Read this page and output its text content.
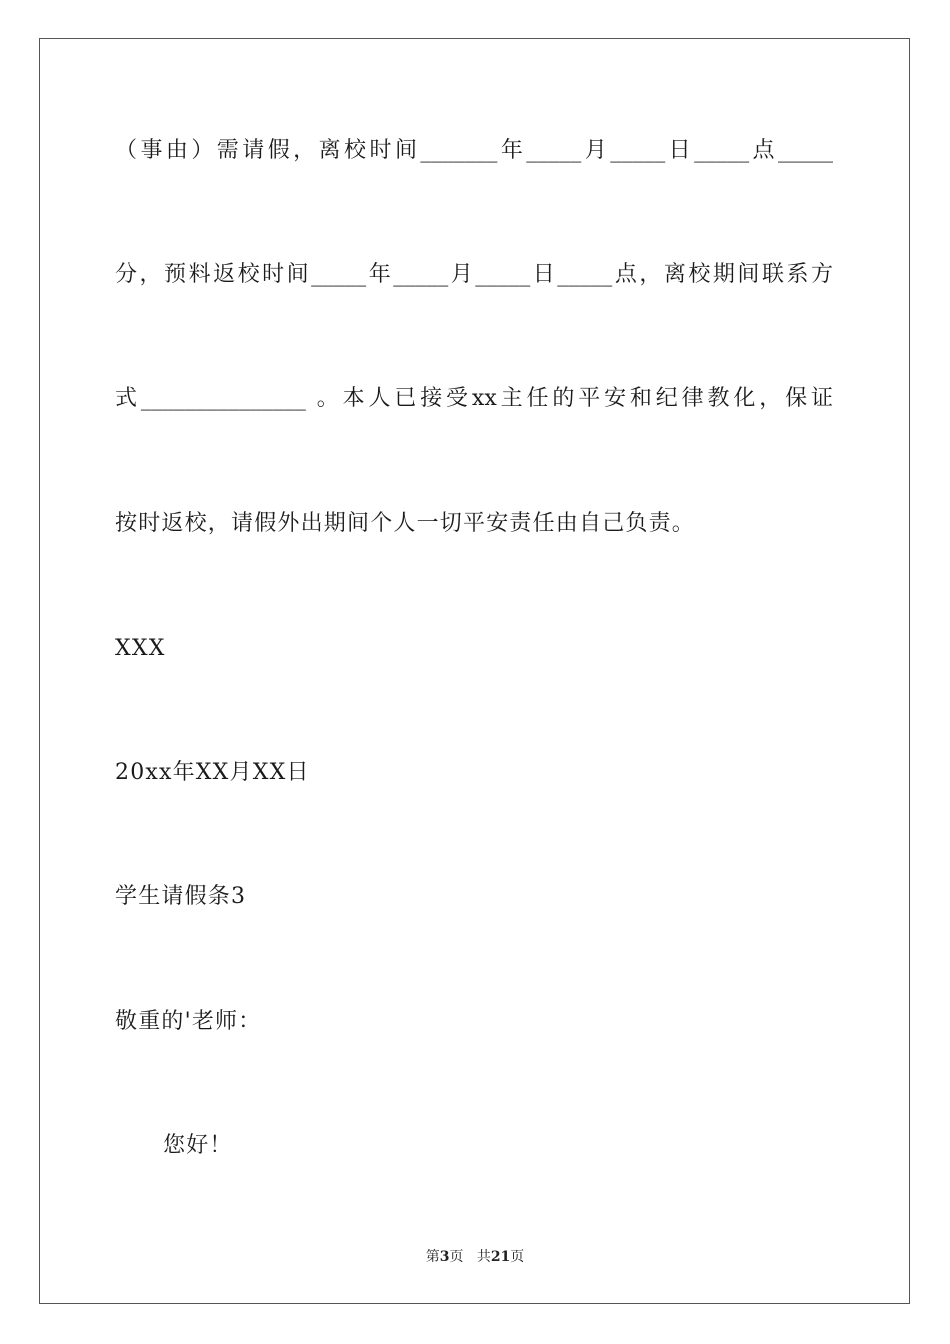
（事由）需请假，离校时间_______年_____月_____日_____点_____
分，预料返校时间_____年_____月_____日_____点，离校期间联系方
式_______________ 。本人已接受xx主任的平安和纪律教化，保证
按时返校，请假外出期间个人一切平安责任由自己负责。
XXX
20xx年XX月XX日
学生请假条3
敬重的'老师：
您好！
第3页 共21页
